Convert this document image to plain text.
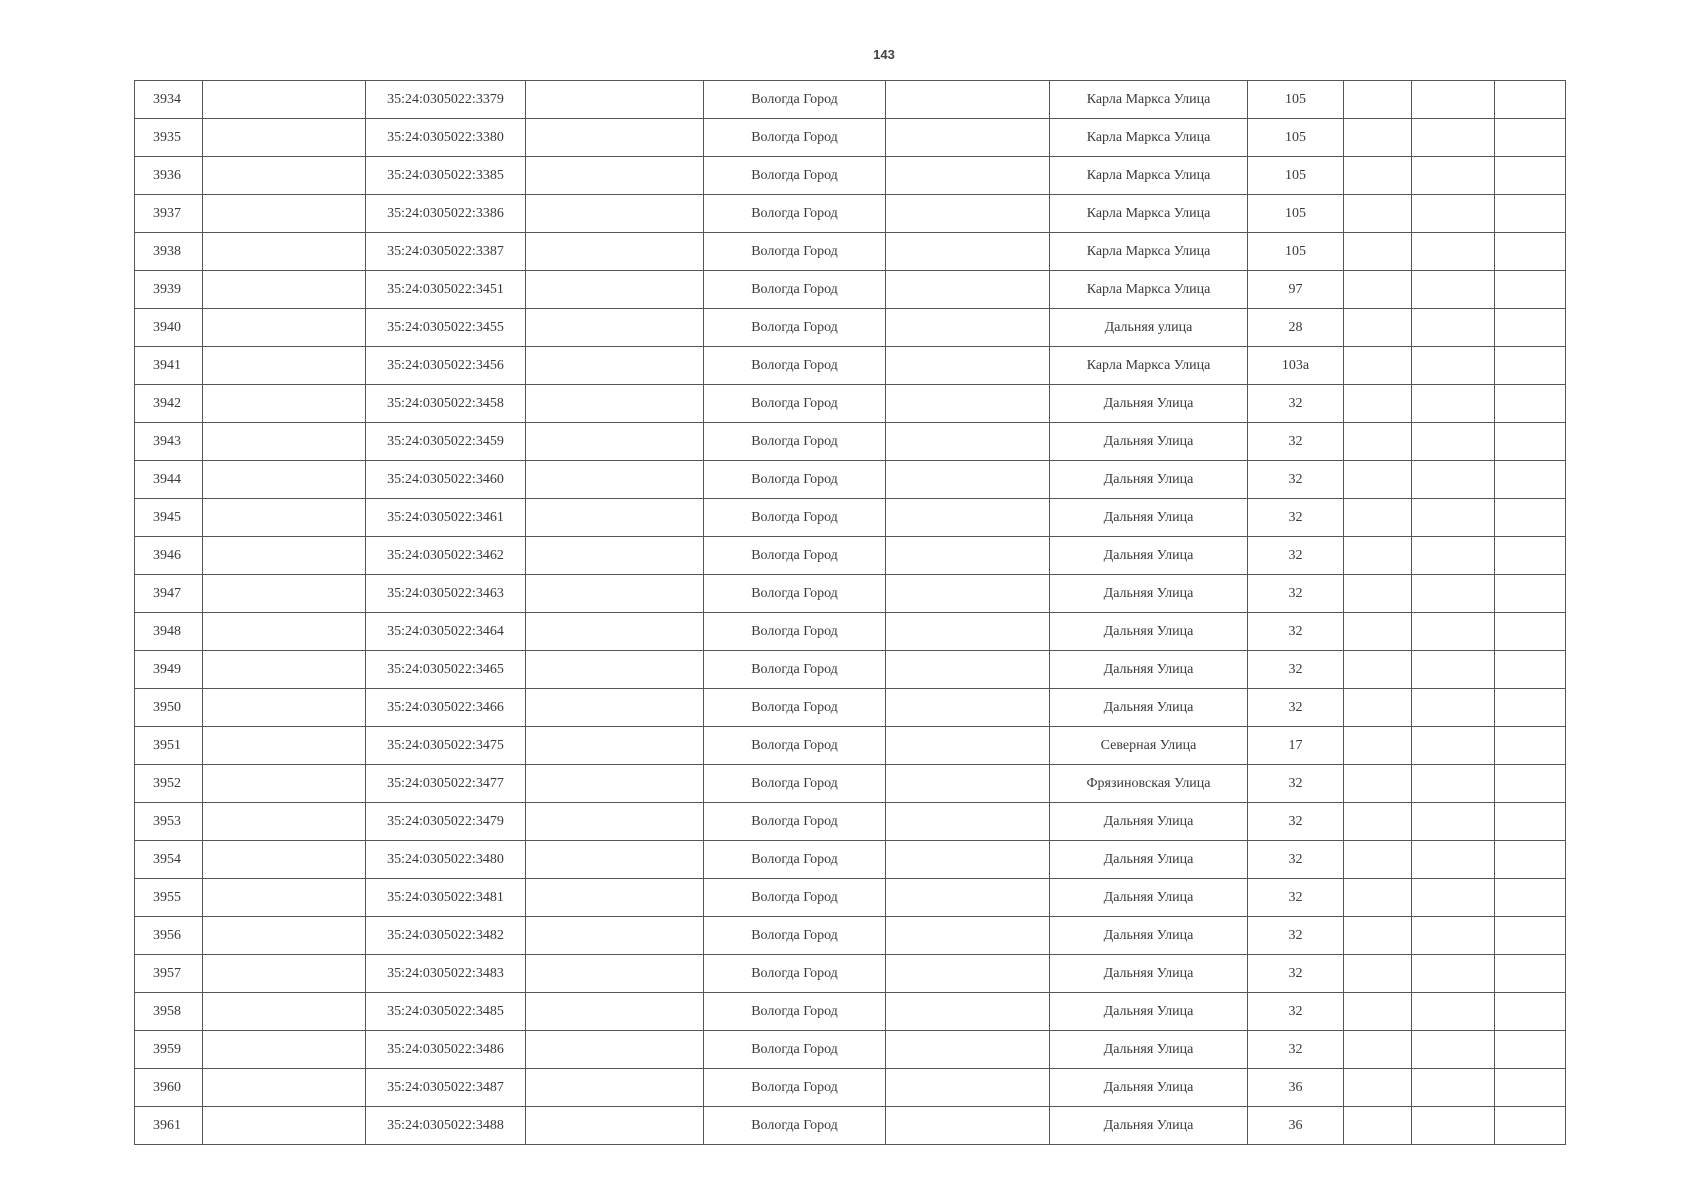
143
3934		35:24:0305022:3379		Вологда Город		Карла Маркса Улица	105			
3935		35:24:0305022:3380		Вологда Город		Карла Маркса Улица	105			
3936		35:24:0305022:3385		Вологда Город		Карла Маркса Улица	105			
3937		35:24:0305022:3386		Вологда Город		Карла Маркса Улица	105			
3938		35:24:0305022:3387		Вологда Город		Карла Маркса Улица	105			
3939		35:24:0305022:3451		Вологда Город		Карла Маркса Улица	97			
3940		35:24:0305022:3455		Вологда Город		Дальняя улица	28			
3941		35:24:0305022:3456		Вологда Город		Карла Маркса Улица	103а			
3942		35:24:0305022:3458		Вологда Город		Дальняя Улица	32			
3943		35:24:0305022:3459		Вологда Город		Дальняя Улица	32			
3944		35:24:0305022:3460		Вологда Город		Дальняя Улица	32			
3945		35:24:0305022:3461		Вологда Город		Дальняя Улица	32			
3946		35:24:0305022:3462		Вологда Город		Дальняя Улица	32			
3947		35:24:0305022:3463		Вологда Город		Дальняя Улица	32			
3948		35:24:0305022:3464		Вологда Город		Дальняя Улица	32			
3949		35:24:0305022:3465		Вологда Город		Дальняя Улица	32			
3950		35:24:0305022:3466		Вологда Город		Дальняя Улица	32			
3951		35:24:0305022:3475		Вологда Город		Северная Улица	17			
3952		35:24:0305022:3477		Вологда Город		Фрязиновская Улица	32			
3953		35:24:0305022:3479		Вологда Город		Дальняя Улица	32			
3954		35:24:0305022:3480		Вологда Город		Дальняя Улица	32			
3955		35:24:0305022:3481		Вологда Город		Дальняя Улица	32			
3956		35:24:0305022:3482		Вологда Город		Дальняя Улица	32			
3957		35:24:0305022:3483		Вологда Город		Дальняя Улица	32			
3958		35:24:0305022:3485		Вологда Город		Дальняя Улица	32			
3959		35:24:0305022:3486		Вологда Город		Дальняя Улица	32			
3960		35:24:0305022:3487		Вологда Город		Дальняя Улица	36			
3961		35:24:0305022:3488		Вологда Город		Дальняя Улица	36			
